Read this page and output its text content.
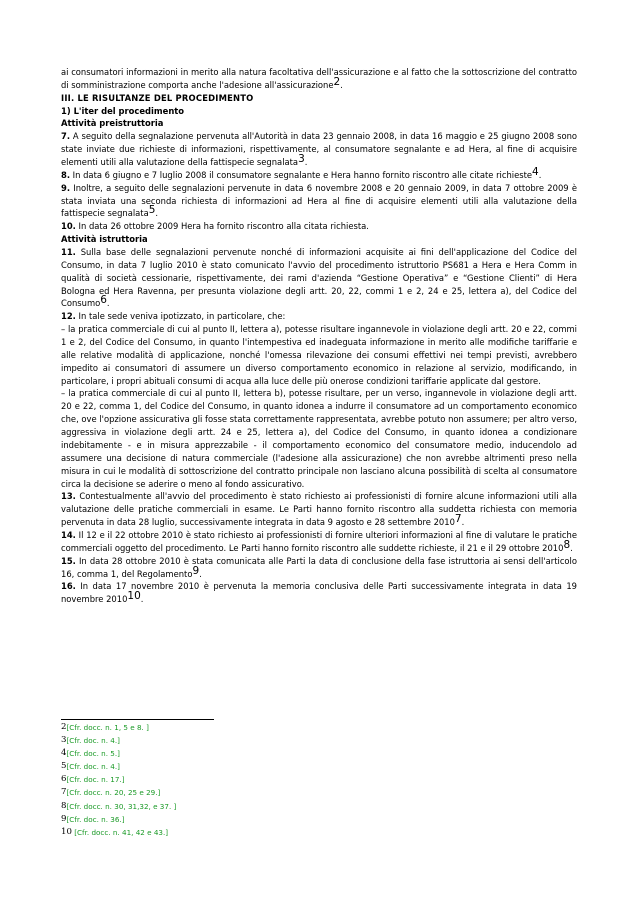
ai consumatori informazioni in merito alla natura facoltativa dell'assicurazione e al fatto che la sottoscrizione del contratto di somministrazione comporta anche l'adesione all'assicurazione2.

III. LE RISULTANZE DEL PROCEDIMENTO

1) L'iter del procedimento

Attività preistruttoria

7. A seguito della segnalazione pervenuta all'Autorità in data 23 gennaio 2008, in data 16 maggio e 25 giugno 2008 sono state inviate due richieste di informazioni, rispettivamente, al consumatore segnalante e ad Hera, al fine di acquisire elementi utili alla valutazione della fattispecie segnalata3.

8. In data 6 giugno e 7 luglio 2008 il consumatore segnalante e Hera hanno fornito riscontro alle citate richieste4.

9. Inoltre, a seguito delle segnalazioni pervenute in data 6 novembre 2008 e 20 gennaio 2009, in data 7 ottobre 2009 è stata inviata una seconda richiesta di informazioni ad Hera al fine di acquisire elementi utili alla valutazione della fattispecie segnalata5.

10. In data 26 ottobre 2009 Hera ha fornito riscontro alla citata richiesta.

Attività istruttoria

11. Sulla base delle segnalazioni pervenute nonché di informazioni acquisite ai fini dell'applicazione del Codice del Consumo, in data 7 luglio 2010 è stato comunicato l'avvio del procedimento istruttorio PS681 a Hera e Hera Comm in qualità di società cessionarie, rispettivamente, dei rami d'azienda “Gestione Operativa” e “Gestione Clienti” di Hera Bologna ed Hera Ravenna, per presunta violazione degli artt. 20, 22, commi 1 e 2, 24 e 25, lettera a), del Codice del Consumo6.

12. In tale sede veniva ipotizzato, in particolare, che:

– la pratica commerciale di cui al punto II, lettera a), potesse risultare ingannevole in violazione degli artt. 20 e 22, commi 1 e 2, del Codice del Consumo, in quanto l'intempestiva ed inadeguata informazione in merito alle modifiche tariffarie e alle relative modalità di applicazione, nonché l'omessa rilevazione dei consumi effettivi nei tempi previsti, avrebbero impedito ai consumatori di assumere un diverso comportamento economico in relazione al servizio, modificando, in particolare, i propri abituali consumi di acqua alla luce delle più onerose condizioni tariffarie applicate dal gestore.

– la pratica commerciale di cui al punto II, lettera b), potesse risultare, per un verso, ingannevole in violazione degli artt. 20 e 22, comma 1, del Codice del Consumo, in quanto idonea a indurre il consumatore ad un comportamento economico che, ove l'opzione assicurativa gli fosse stata correttamente rappresentata, avrebbe potuto non assumere; per altro verso, aggressiva in violazione degli artt. 24 e 25, lettera a), del Codice del Consumo, in quanto idonea a condizionare indebitamente - e in misura apprezzabile - il comportamento economico del consumatore medio, inducendolo ad assumere una decisione di natura commerciale (l'adesione alla assicurazione) che non avrebbe altrimenti preso nella misura in cui le modalità di sottoscrizione del contratto principale non lasciano alcuna possibilità di scelta al consumatore circa la decisione se aderire o meno al fondo assicurativo.

13. Contestualmente all'avvio del procedimento è stato richiesto ai professionisti di fornire alcune informazioni utili alla valutazione delle pratiche commerciali in esame. Le Parti hanno fornito riscontro alla suddetta richiesta con memoria pervenuta in data 28 luglio, successivamente integrata in data 9 agosto e 28 settembre 20107.

14. Il 12 e il 22 ottobre 2010 è stato richiesto ai professionisti di fornire ulteriori informazioni al fine di valutare le pratiche commerciali oggetto del procedimento. Le Parti hanno fornito riscontro alle suddette richieste, il 21 e il 29 ottobre 20108.

15. In data 28 ottobre 2010 è stata comunicata alle Parti la data di conclusione della fase istruttoria ai sensi dell'articolo 16, comma 1, del Regolamento9.

16. In data 17 novembre 2010 è pervenuta la memoria conclusiva delle Parti successivamente integrata in data 19 novembre 201010.

2[Cfr. docc. n. 1, 5 e 8. ]
3[Cfr. doc. n. 4.]
4[Cfr. doc. n. 5.]
5[Cfr. doc. n. 4.]
6[Cfr. doc. n. 17.]
7[Cfr. docc. n. 20, 25 e 29.]
8[Cfr. docc. n. 30, 31,32, e 37. ]
9[Cfr. doc. n. 36.]
10 [Cfr. docc. n. 41, 42 e 43.]
